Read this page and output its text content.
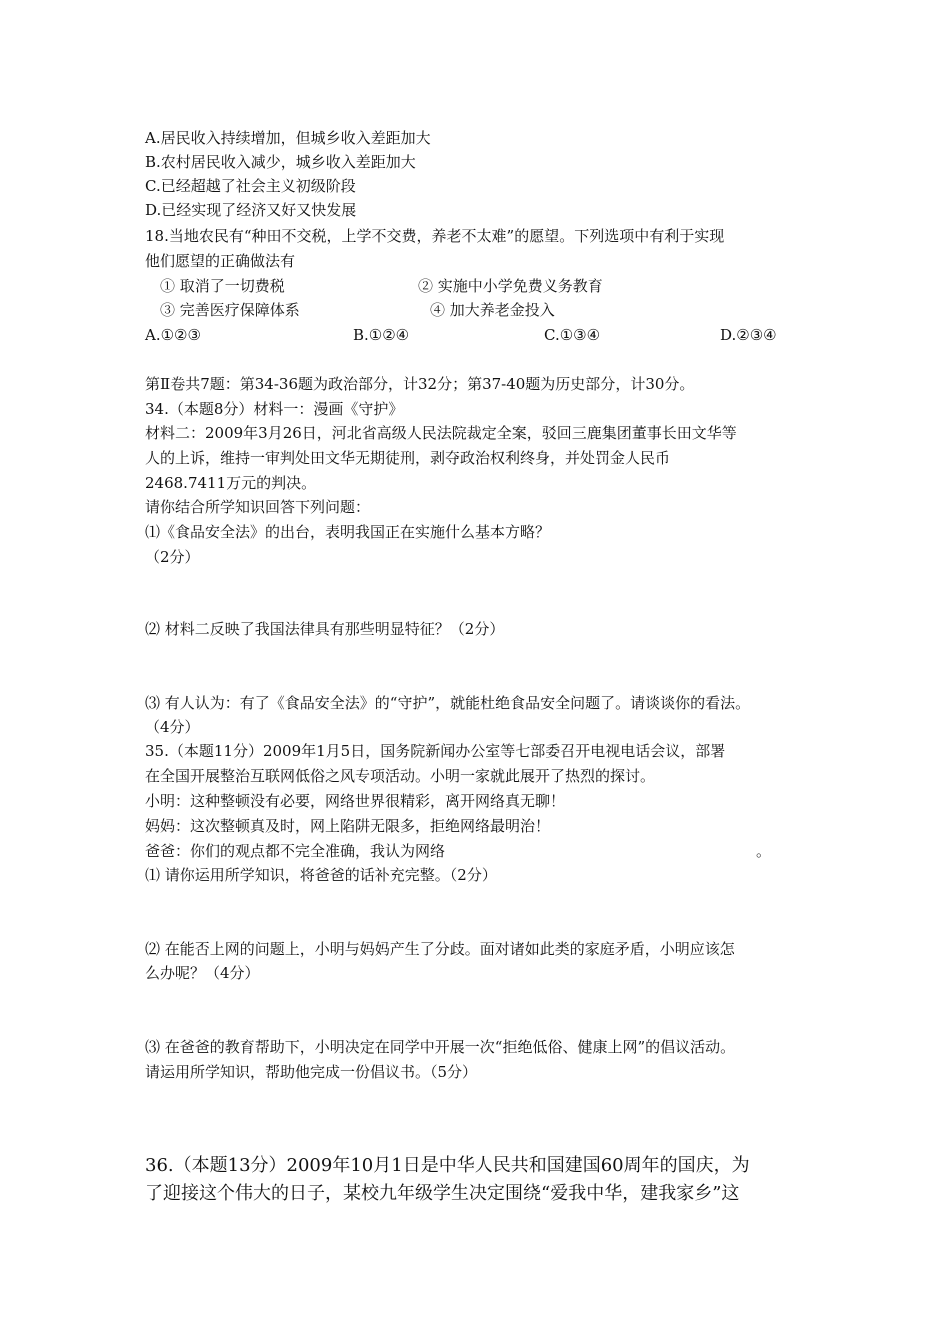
A.居民收入持续增加，但城乡收入差距加大
B.农村居民收入减少，城乡收入差距加大
C.已经超越了社会主义初级阶段
D.已经实现了经济又好又快发展
18.当地农民有“种田不交税，上学不交费，养老不太难”的愿望。下列选项中有利于实现
他们愿望的正确做法有
① 取消了一切费税	② 实施中小学免费义务教育
③ 完善医疗保障体系	④ 加大养老金投入
A.①②③	B.①②④	C.①③④	D.②③④
第Ⅱ卷共7题：第34-36题为政治部分，计32分；第37-40题为历史部分，计30分。
34.（本题8分）材料一：漫画《守护》
材料二：2009年3月26日，河北省高级人民法院裁定全案，驳回三鹿集团董事长田文华等
人的上诉，维持一审判处田文华无期徒刑，剥夺政治权利终身，并处罚金人民币
2468.7411万元的判决。
请你结合所学知识回答下列问题：
⑴《食品安全法》的出台，表明我国正在实施什么基本方略？
（2分）
⑵ 材料二反映了我国法律具有那些明显特征？（2分）
⑶ 有人认为：有了《食品安全法》的“守护”，就能杜绝食品安全问题了。请谈谈你的看法。
（4分）
35.（本题11分）2009年1月5日，国务院新闻办公室等七部委召开电视电话会议，部署
在全国开展整治互联网低俗之风专项活动。小明一家就此展开了热烈的探讨。
小明：这种整顿没有必要，网络世界很精彩，离开网络真无聊！
妈妈：这次整顿真及时，网上陷阱无限多，拒绝网络最明治！
爸爸：你们的观点都不完全准确，我认为网络	。
⑴ 请你运用所学知识，将爸爸的话补充完整。（2分）
⑵ 在能否上网的问题上，小明与妈妈产生了分歧。面对诸如此类的家庭矛盾，小明应该怎
么办呢？（4分）
⑶ 在爸爸的教育帮助下，小明决定在同学中开展一次“拒绝低俗、健康上网”的倡议活动。
请运用所学知识，帮助他完成一份倡议书。（5分）
36.（本题13分）2009年10月1日是中华人民共和国建国60周年的国庆，为
了迎接这个伟大的日子，某校九年级学生决定围绕“爱我中华，建我家乡”这
